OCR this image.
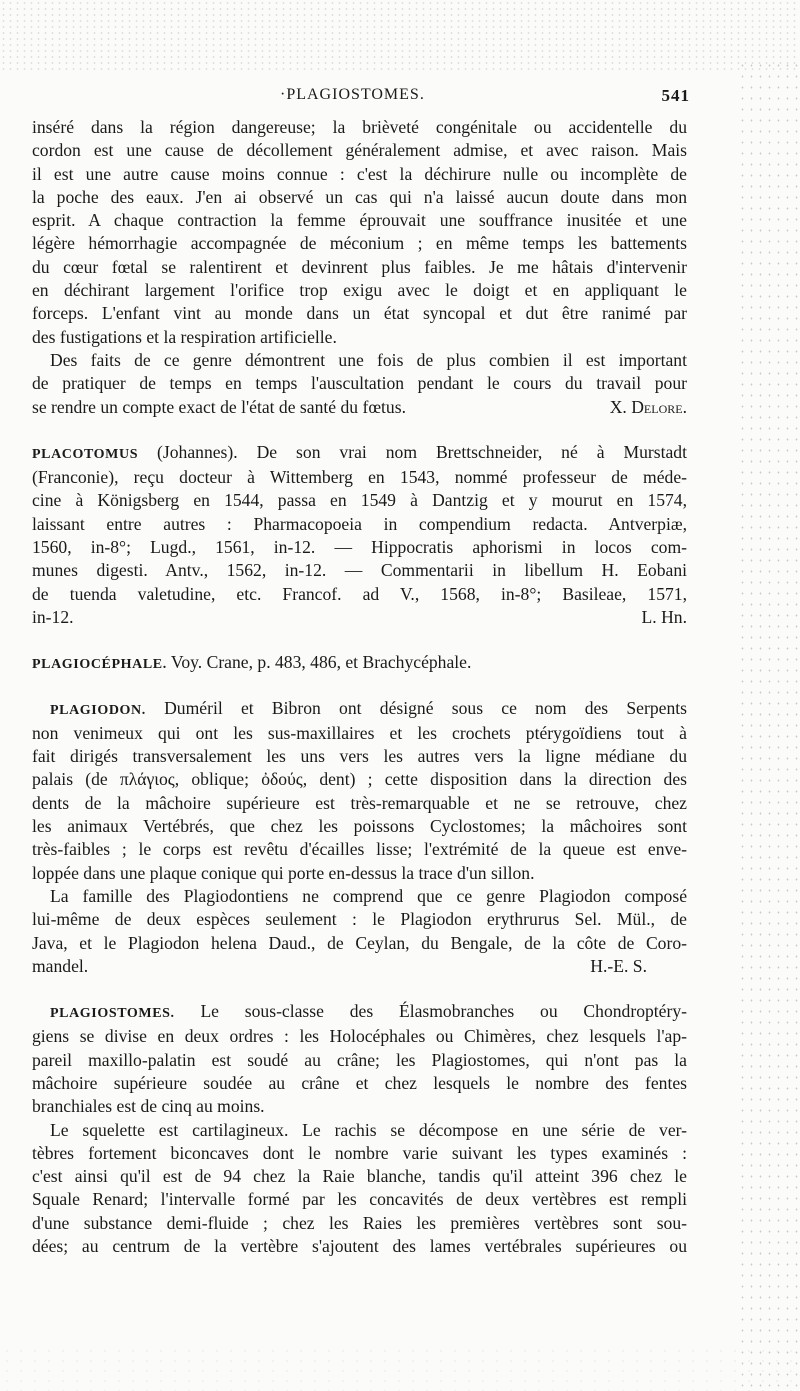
·PLAGIOSTOMES.	541

inséré dans la région dangereuse; la brièveté congénitale ou accidentelle du

cordon est une cause de décollement généralement admise, et avec raison. Mais

il est une autre cause moins connue : c'est la déchirure nulle ou incomplète de

la poche des eaux. J'en ai observé un cas qui n'a laissé aucun doute dans mon

esprit. A chaque contraction la femme éprouvait une souffrance inusitée et une

légère hémorrhagie accompagnée de méconium ; en même temps les battements

du cœur fœtal se ralentirent et devinrent plus faibles. Je me hâtais d'intervenir

en déchirant largement l'orifice trop exigu avec le doigt et en appliquant le

forceps. L'enfant vint au monde dans un état syncopal et dut être ranimé par

des fustigations et la respiration artificielle.

Des faits de ce genre démontrent une fois de plus combien il est important

de pratiquer de temps en temps l'auscultation pendant le cours du travail pour

se rendre un compte exact de l'état de santé du fœtus.	X. Delore.

PLACOTOMUS (Johannes). De son vrai nom Brettschneider, né à Murstadt

(Franconie), reçu docteur à Wittemberg en 1543, nommé professeur de méde-

cine à Königsberg en 1544, passa en 1549 à Dantzig et y mourut en 1574,

laissant entre autres : Pharmacopoeia in compendium redacta. Antverpiæ,

1560, in-8°; Lugd., 1561, in-12. — Hippocratis aphorismi in locos com-

munes digesti. Antv., 1562, in-12. — Commentarii in libellum H. Eobani

de tuenda valetudine, etc. Francof. ad V., 1568, in-8°; Basileae, 1571,

in-12.	L. Hn.

PLAGIOCÉPHALE. Voy. Crane, p. 483, 486, et Brachycéphale.

PLAGIODON. Duméril et Bibron ont désigné sous ce nom des Serpents

non venimeux qui ont les sus-maxillaires et les crochets ptérygoïdiens tout à

fait dirigés transversalement les uns vers les autres vers la ligne médiane du

palais (de πλάγιος, oblique; ὀδούς, dent) ; cette disposition dans la direction des

dents de la mâchoire supérieure est très-remarquable et ne se retrouve, chez

les animaux Vertébrés, que chez les poissons Cyclostomes; la mâchoires sont

très-faibles ; le corps est revêtu d'écailles lisse; l'extrémité de la queue est enve-

loppée dans une plaque conique qui porte en-dessus la trace d'un sillon.

La famille des Plagiodontiens ne comprend que ce genre Plagiodon composé

lui-même de deux espèces seulement : le Plagiodon erythrurus Sel. Mül., de

Java, et le Plagiodon helena Daud., de Ceylan, du Bengale, de la côte de Coro-

mandel.	H.-E. S.

PLAGIOSTOMES. Le sous-classe des Élasmobranches ou Chondroptéry-

giens se divise en deux ordres : les Holocéphales ou Chimères, chez lesquels l'ap-

pareil maxillo-palatin est soudé au crâne; les Plagiostomes, qui n'ont pas la

mâchoire supérieure soudée au crâne et chez lesquels le nombre des fentes

branchiales est de cinq au moins.

Le squelette est cartilagineux. Le rachis se décompose en une série de ver-

tèbres fortement biconcaves dont le nombre varie suivant les types examinés :

c'est ainsi qu'il est de 94 chez la Raie blanche, tandis qu'il atteint 396 chez le

Squale Renard; l'intervalle formé par les concavités de deux vertèbres est rempli

d'une substance demi-fluide ; chez les Raies les premières vertèbres sont sou-

dées; au centrum de la vertèbre s'ajoutent des lames vertébrales supérieures ou
